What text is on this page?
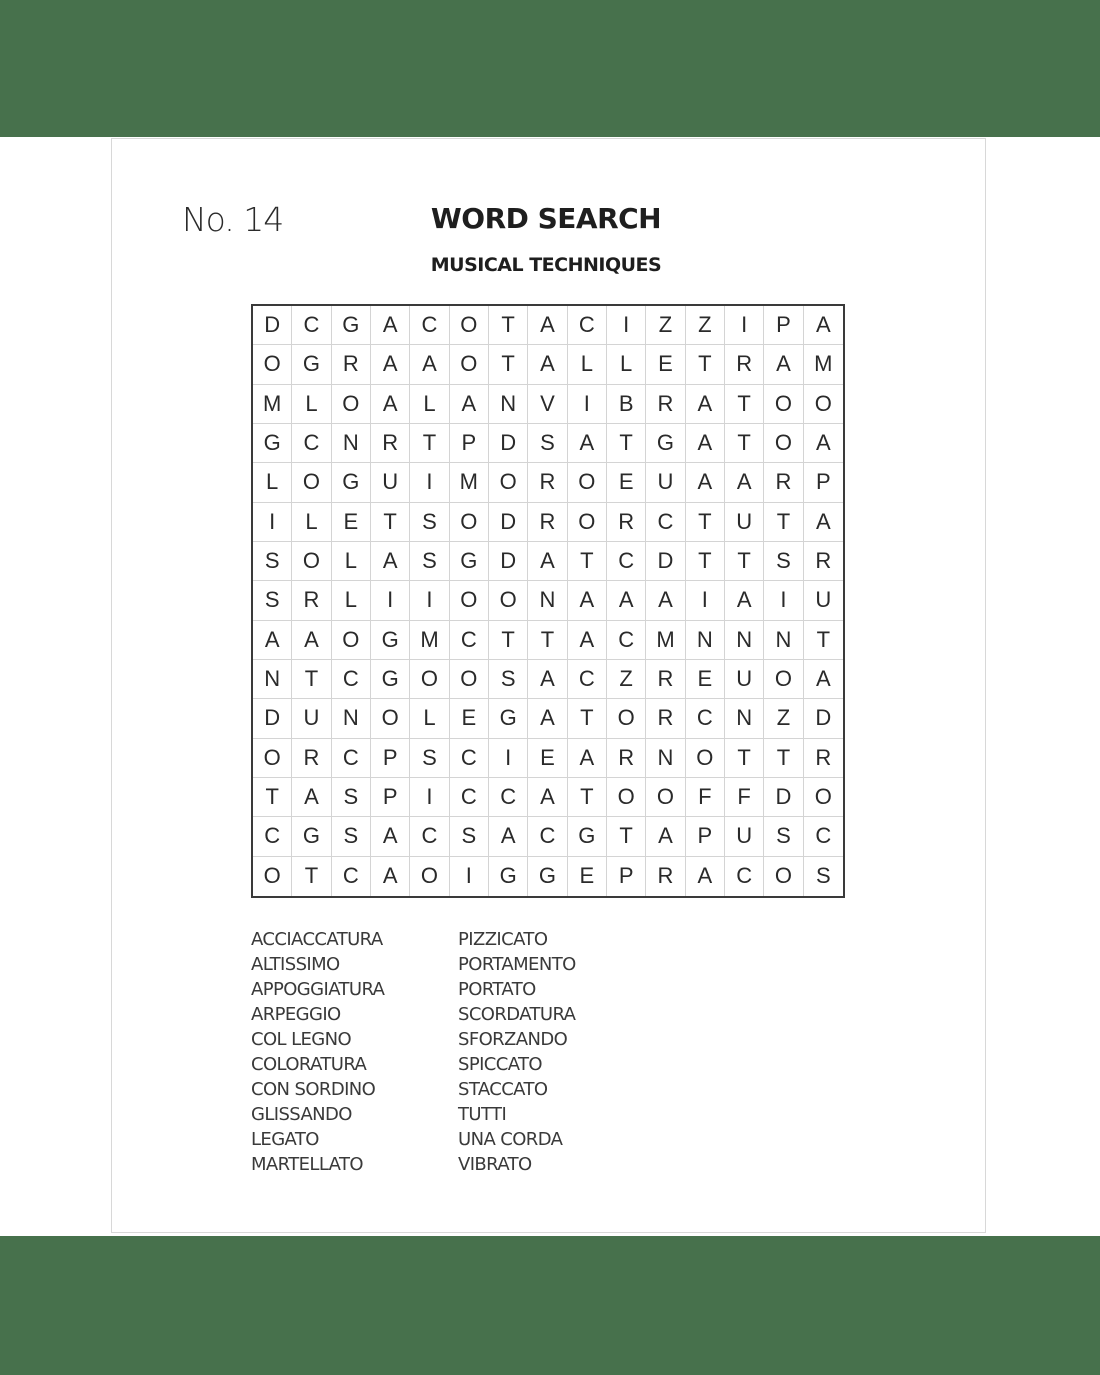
No. 14	WORD SEARCH
MUSICAL TECHNIQUES
D	C	G	A	C	O	T	A	C	I	Z	Z	I	P	A
O	G	R	A	A	O	T	A	L	L	E	T	R	A	M
M	L	O	A	L	A	N	V	I	B	R	A	T	O	O
G	C	N	R	T	P	D	S	A	T	G	A	T	O	A
L	O	G	U	I	M O	R	O	E	U	A	A	R	P
I	L	E	T	S	O	D	R	O	R	C	T	U	T	A
S	O	L	A	S	G	D	A	T	C	D	T	T	S	R
S	R	L	I	I	O	O	N	A	A	A	I	A	I	U
A	A	O	G M	C	T	T	A	C	M	N	N	N	T
N	T	C	G	O	O	S	A	C	Z	R	E	U	O	A
D	U	N	O	L	E	G	A	T	O	R	C	N	Z	D
O	R	C	P	S	C	I	E	A	R	N	O	T	T	R
T	A	S	P	I	C	C	A	T	O	O	F	F	D	O
C	G	S	A	C	S	A	C	G	T	A	P	U	S	C
O	T	C	A	O	I	G	G	E	P	R	A	C	O	S
ACCIACCATURA
ALTISSIMO
APPOGGIATURA
ARPEGGIO
COL LEGNO
COLORATURA
CON SORDINO
GLISSANDO
LEGATO
MARTELLATO
PIZZICATO
PORTAMENTO
PORTATO
SCORDATURA
SFORZANDO
SPICCATO
STACCATO
TUTTI
UNA CORDA
VIBRATO
